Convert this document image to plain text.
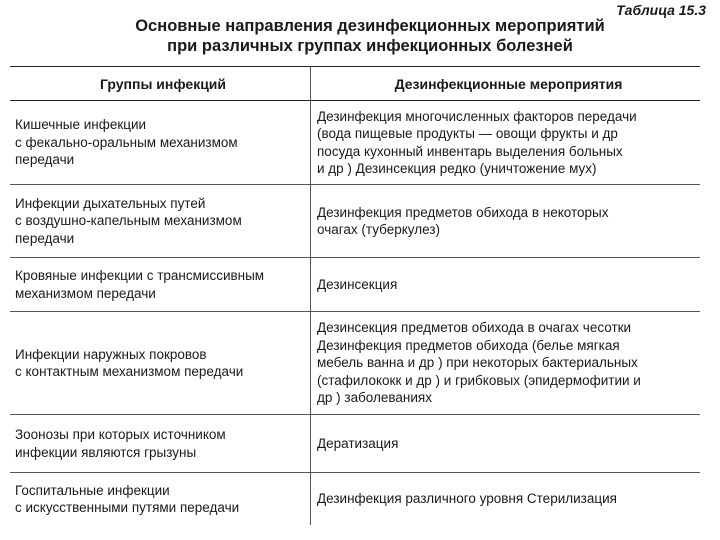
Таблица 15.3
Основные направления дезинфекционных мероприятий
при различных группах инфекционных болезней
Группы инфекций	Дезинфекционные мероприятия
Кишечные инфекции
с фекально-оральным механизмом
передачи
Дезинфекция многочисленных факторов передачи
(вода пищевые продукты — овощи фрукты и др
посуда кухонный инвентарь выделения больных
и др ) Дезинсекция редко (уничтожение мух)
Инфекции дыхательных путей
с воздушно-капельным механизмом
передачи
Дезинфекция предметов обихода в некоторых
очагах (туберкулез)
Кровяные инфекции с трансмиссивным
механизмом передачи
Дезинсекция
Инфекции наружных покровов
с контактным механизмом передачи
Дезинсекция предметов обихода в очагах чесотки
Дезинфекция предметов обихода (белье мягкая
мебель ванна и др ) при некоторых бактериальных
(стафилококк и др ) и грибковых (эпидермофитии и
др ) заболеваниях
Зоонозы при которых источником
инфекции являются грызуны
Дератизация
Госпитальные инфекции
с искусственными путями передачи
Дезинфекция различного уровня Стерилизация
